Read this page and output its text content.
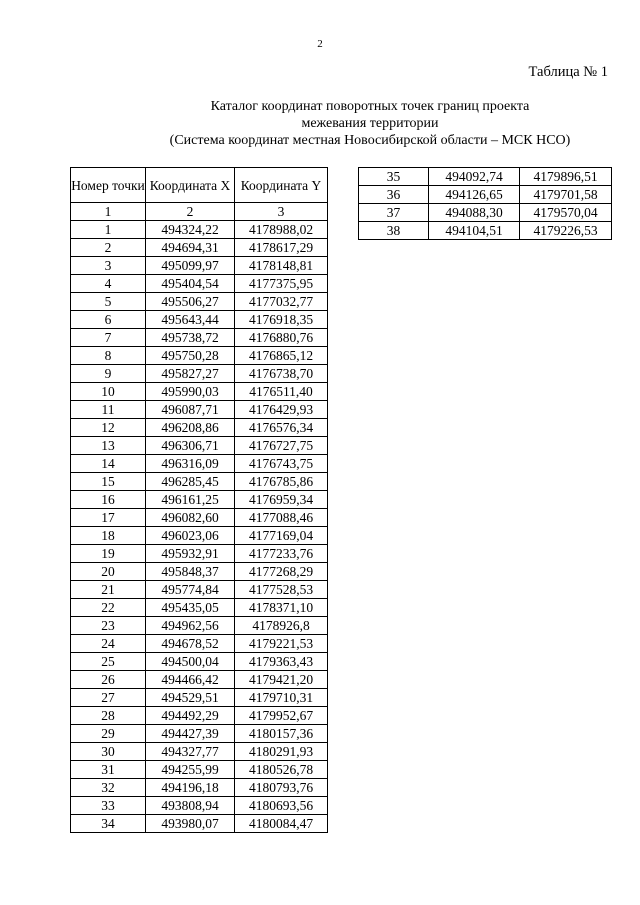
2
Таблица № 1
Каталог координат поворотных точек границ проекта
межевания территории
(Система координат местная Новосибирской области – МСК НСО)
Номер точки	Координата X	Координата Y
1	2	3
1	494324,22	4178988,02
2	494694,31	4178617,29
3	495099,97	4178148,81
4	495404,54	4177375,95
5	495506,27	4177032,77
6	495643,44	4176918,35
7	495738,72	4176880,76
8	495750,28	4176865,12
9	495827,27	4176738,70
10	495990,03	4176511,40
11	496087,71	4176429,93
12	496208,86	4176576,34
13	496306,71	4176727,75
14	496316,09	4176743,75
15	496285,45	4176785,86
16	496161,25	4176959,34
17	496082,60	4177088,46
18	496023,06	4177169,04
19	495932,91	4177233,76
20	495848,37	4177268,29
21	495774,84	4177528,53
22	495435,05	4178371,10
23	494962,56	4178926,8
24	494678,52	4179221,53
25	494500,04	4179363,43
26	494466,42	4179421,20
27	494529,51	4179710,31
28	494492,29	4179952,67
29	494427,39	4180157,36
30	494327,77	4180291,93
31	494255,99	4180526,78
32	494196,18	4180793,76
33	493808,94	4180693,56
34	493980,07	4180084,47
35	494092,74	4179896,51
36	494126,65	4179701,58
37	494088,30	4179570,04
38	494104,51	4179226,53
